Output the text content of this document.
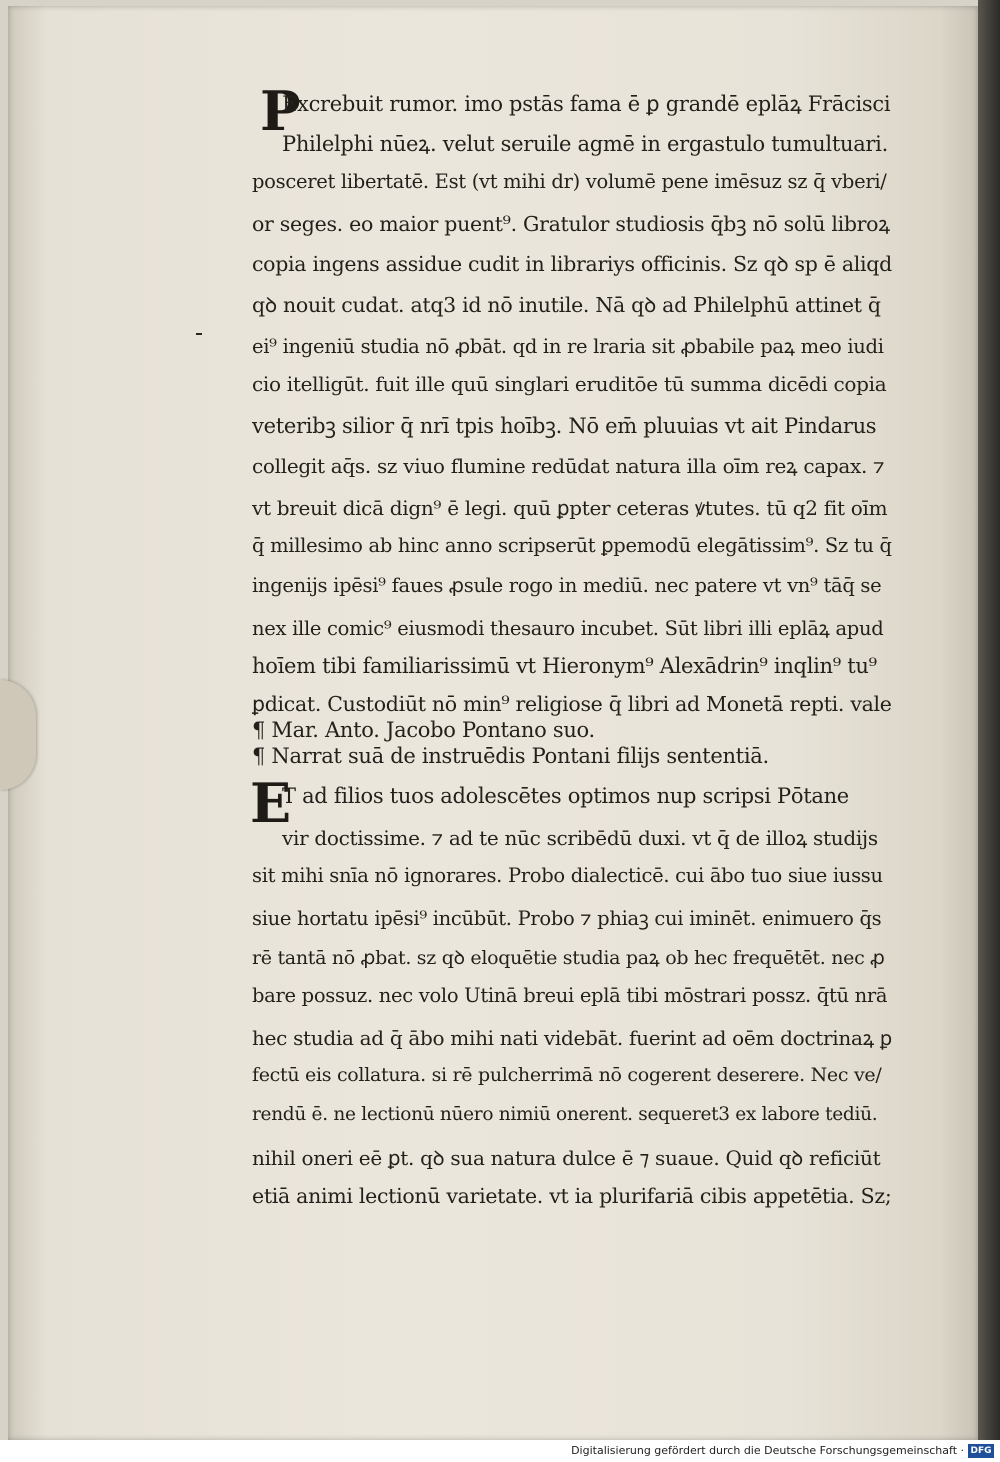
P
Excrebuit rumor. imo pstās fama ē ꝑ grandē eplāꝝ Frācisci
Philelphi nūeꝝ. velut seruile agmē in ergastulo tumultuari.
posceret libertatē. Est (vt mihi dr) volumē pene imēsuz sz q̄ vberi/
or seges. eo maior puent⁹. Gratulor studiosis q̄bꝫ nō solū libroꝝ
copia ingens assidue cudit in librariys officinis. Sz qꝺ sp ē aliqd
qꝺ nouit cudat. atq3 id nō inutile. Nā qꝺ ad Philelphū attinet q̄
ei⁹ ingeniū studia nō ꝓbāt. qd in re lraria sit ꝓbabile paꝝ meo iudi
cio itelligūt. fuit ille quū singlari eruditōe tū summa dicēdi copia
veteribꝫ silior q̄ nrī tpis hoībꝫ. Nō em̄ pluuias vt ait Pindarus
collegit aq̄s. sz viuo flumine redūdat natura illa oīm reꝝ capax. ⁊
vt breuit dicā dign⁹ ē legi. quū ꝑpter ceteras ꝟtutes. tū q2 fit oīm
q̄ millesimo ab hinc anno scripserūt ꝑpemodū elegātissim⁹. Sz tu q̄
ingenijs ipēsi⁹ faues ꝓsule rogo in mediū. nec patere vt vn⁹ tāq̄ se
nex ille comic⁹ eiusmodi thesauro incubet. Sūt libri illi eplāꝝ apud
hoīem tibi familiarissimū vt Hieronym⁹ Alexādrin⁹ inqlin⁹ tu⁹
ꝑdicat. Custodiūt nō min⁹ religiose q̄ libri ad Monetā repti. vale
¶ Mar. Anto. Jacobo Pontano suo.
¶ Narrat suā de instruēdis Pontani filijs sententiā.
E
T ad filios tuos adolescētes optimos nup scripsi Pōtane
vir doctissime. ⁊ ad te nūc scribēdū duxi. vt q̄ de illoꝝ studijs
sit mihi snīa nō ignorares. Probo dialecticē. cui ābo tuo siue iussu
siue hortatu ipēsi⁹ incūbūt. Probo ⁊ phiaꝫ cui iminēt. enimuero q̄s
rē tantā nō ꝓbat. sz qꝺ eloquētie studia paꝝ ob hec frequētēt. nec ꝓ
bare possuz. nec volo Utinā breui eplā tibi mōstrari possz. q̄tū nrā
hec studia ad q̄ ābo mihi nati videbāt. fuerint ad oēm doctrinaꝝ ꝑ
fectū eis collatura. si rē pulcherrimā nō cogerent deserere. Nec ve/
rendū ē. ne lectionū nūero nimiū onerent. sequeret3 ex labore tediū.
nihil oneri eē ꝑt. qꝺ sua natura dulce ē ⁊ suaue. Quid qꝺ reficiūt
etiā animi lectionū varietate. vt ia plurifariā cibis appetētia. Sz;
Digitalisierung gefördert durch die Deutsche Forschungsgemeinschaft · DFG
